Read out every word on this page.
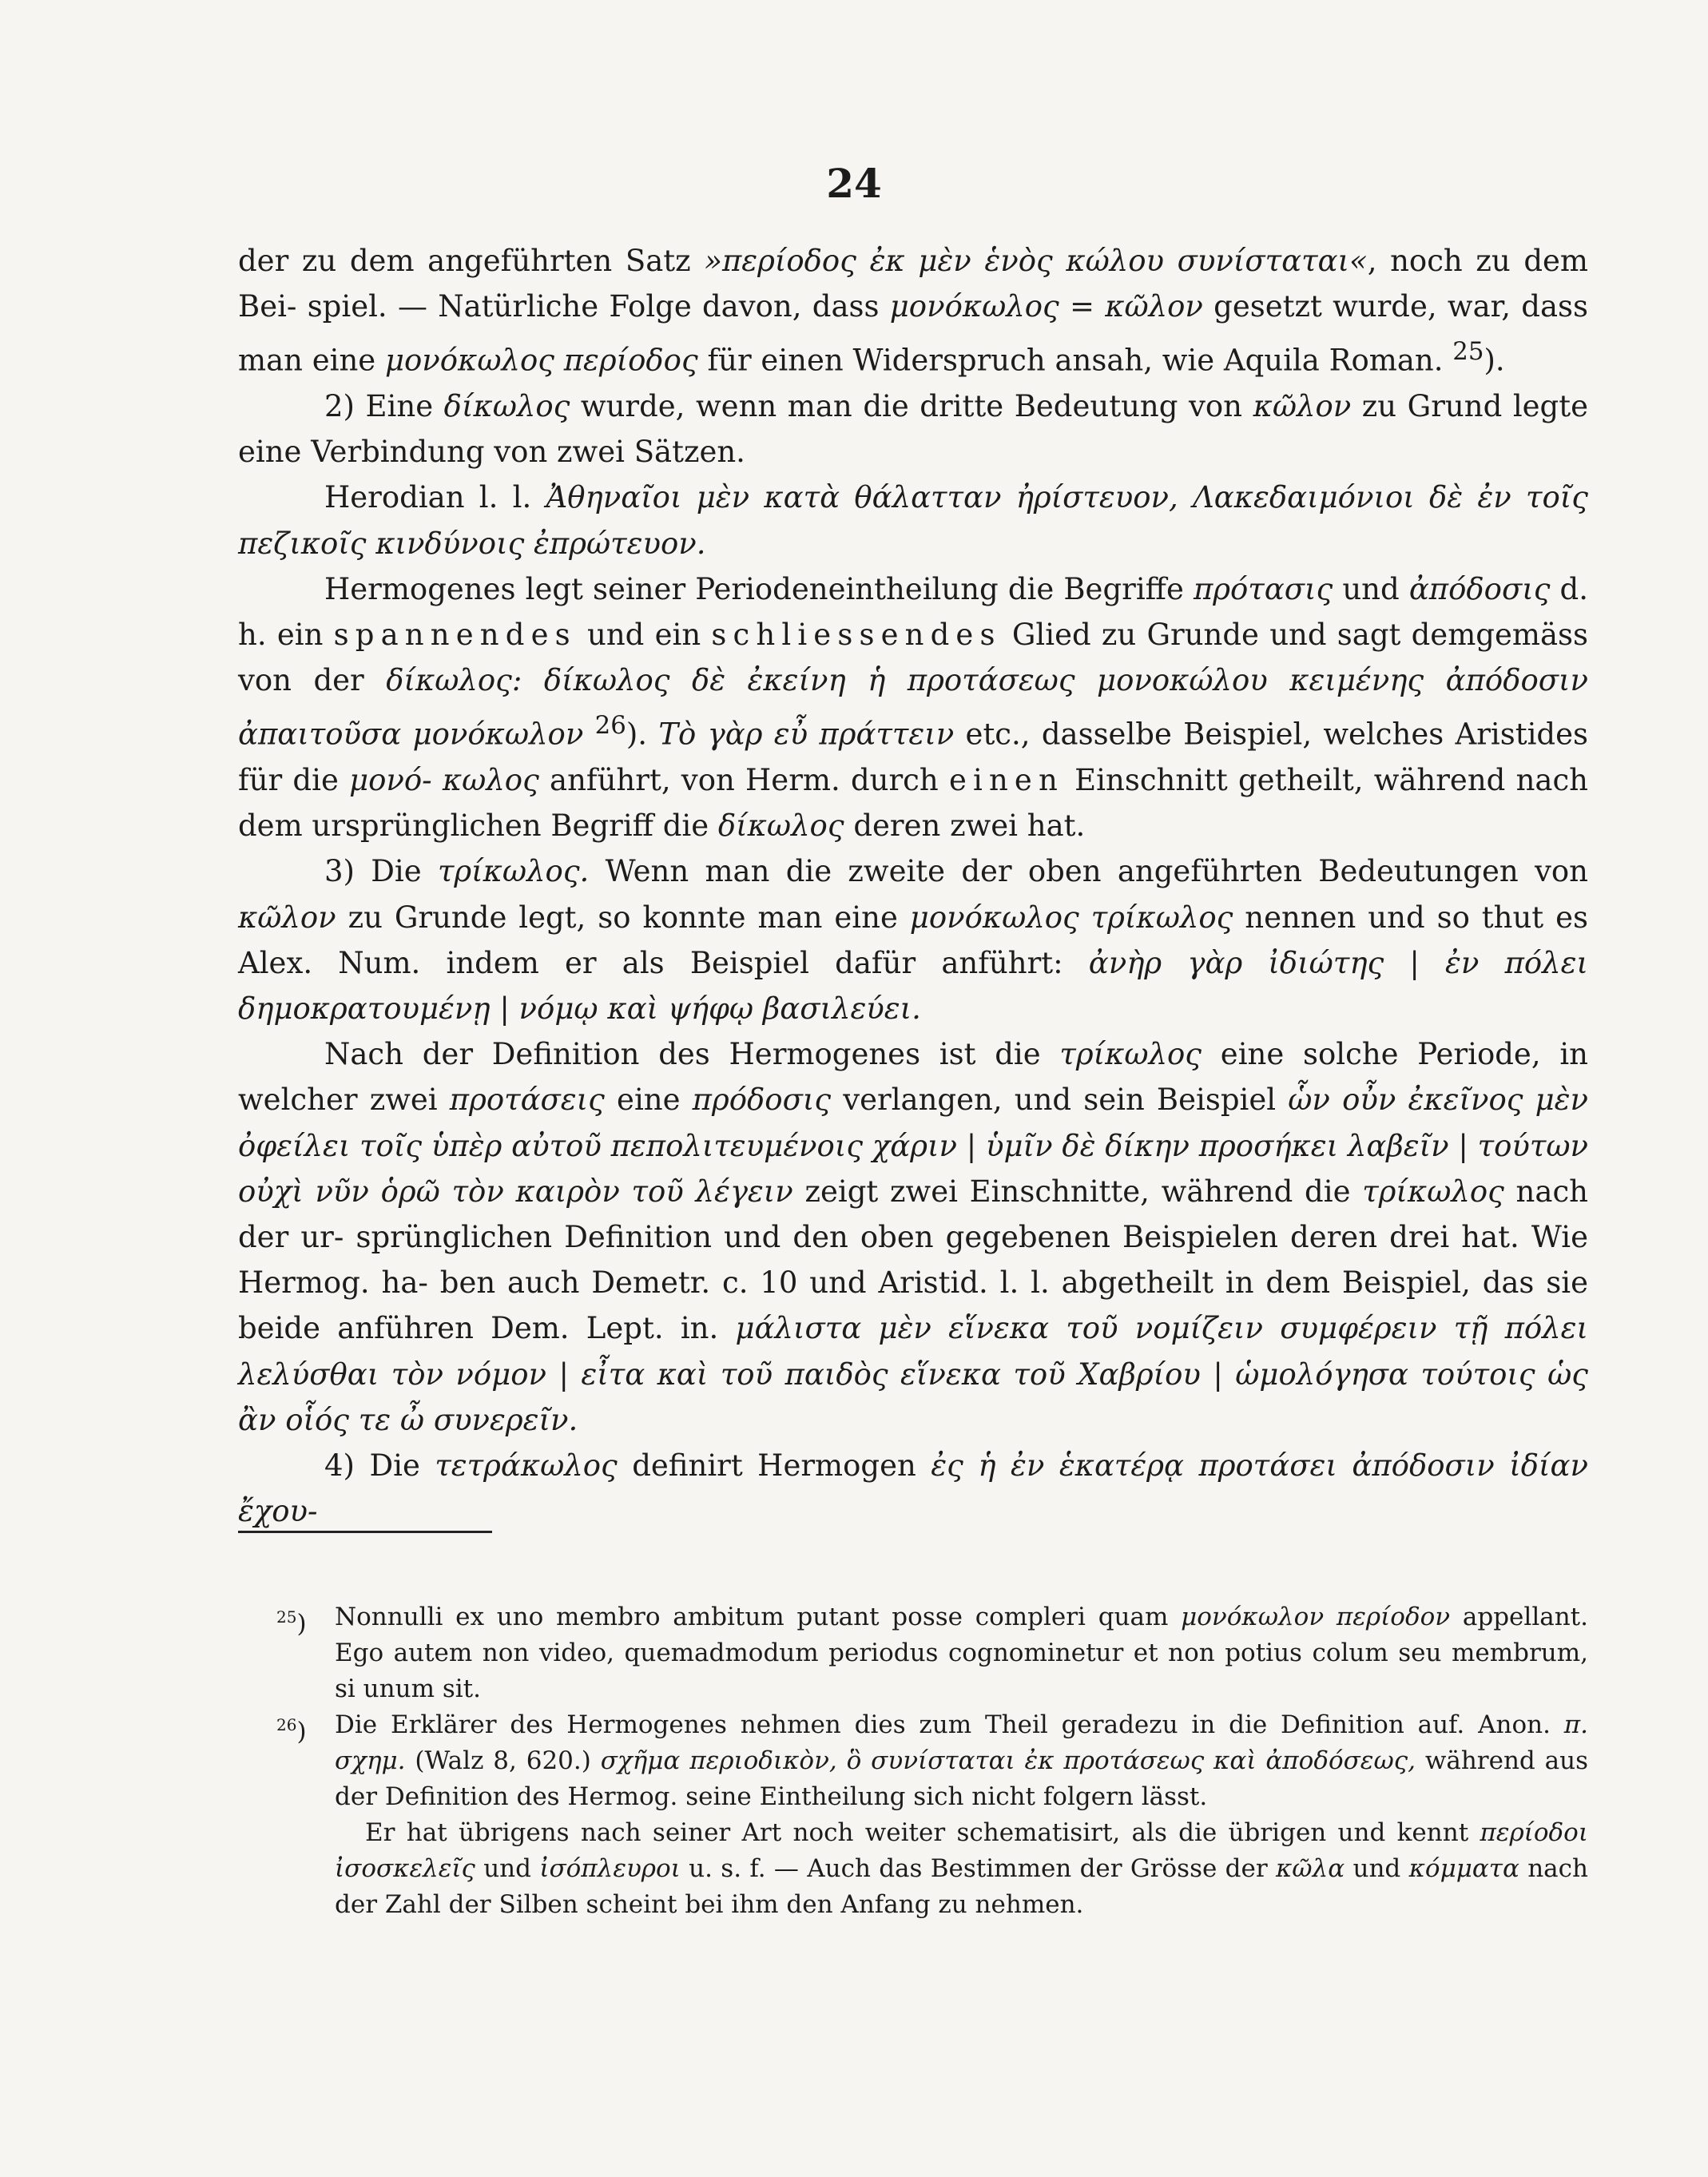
24

der zu dem angeführten Satz »περίοδος ἐκ μὲν ἑνὸς κώλου συνίσταται«, noch zu dem Bei- spiel. — Natürliche Folge davon, dass μονόκωλος = κῶλον gesetzt wurde, war, dass man eine μονόκωλος περίοδος für einen Widerspruch ansah, wie Aquila Roman. $^{25}$).

2) Eine δίκωλος wurde, wenn man die dritte Bedeutung von κῶλον zu Grund legte eine Verbindung von zwei Sätzen.

Herodian l. l. Ἀθηναῖοι μὲν κατὰ θάλατταν ἠρίστευον, Λακεδαιμόνιοι δὲ ἐν τοῖς πεζικοῖς κινδύνοις ἐπρώτευον.

Hermogenes legt seiner Periodeneintheilung die Begriffe πρότασις und ἀπόδοσις d. h. ein spannendes und ein schliessendes Glied zu Grunde und sagt demgemäss von der δίκωλος: δίκωλος δὲ ἐκείνη ἡ προτάσεως μονοκώλου κειμένης ἀπόδοσιν ἀπαιτοῦσα μονόκωλον $^{26}$). Τὸ γὰρ εὖ πράττειν etc., dasselbe Beispiel, welches Aristides für die μονό- κωλος anführt, von Herm. durch einen Einschnitt getheilt, während nach dem ursprünglichen Begriff die δίκωλος deren zwei hat.

3) Die τρίκωλος. Wenn man die zweite der oben angeführten Bedeutungen von κῶλον zu Grunde legt, so konnte man eine μονόκωλος τρίκωλος nennen und so thut es Alex. Num. indem er als Beispiel dafür anführt: ἀνὴρ γὰρ ἰδιώτης | ἐν πόλει δημοκρατουμένῃ | νόμῳ καὶ ψήφῳ βασιλεύει.

Nach der Definition des Hermogenes ist die τρίκωλος eine solche Periode, in welcher zwei προτάσεις eine πρόδοσις verlangen, und sein Beispiel ὧν οὖν ἐκεῖνος μὲν ὀφείλει τοῖς ὑπὲρ αὐτοῦ πεπολιτευμένοις χάριν | ὑμῖν δὲ δίκην προσήκει λαβεῖν | τούτων οὐχὶ νῦν ὁρῶ τὸν καιρὸν τοῦ λέγειν zeigt zwei Einschnitte, während die τρίκωλος nach der ur- sprünglichen Definition und den oben gegebenen Beispielen deren drei hat. Wie Hermog. ha- ben auch Demetr. c. 10 und Aristid. l. l. abgetheilt in dem Beispiel, das sie beide anführen Dem. Lept. in. μάλιστα μὲν εἵνεκα τοῦ νομίζειν συμφέρειν τῇ πόλει λελύσθαι τὸν νόμον | εἶτα καὶ τοῦ παιδὸς εἵνεκα τοῦ Χαβρίου | ὡμολόγησα τούτοις ὡς ἂν οἷός τε ὦ συνερεῖν.

4) Die τετράκωλος definirt Hermogen ἐς ἡ ἐν ἑκατέρᾳ προτάσει ἀπόδοσιν ἰδίαν ἔχου-

$^{25}$) Nonnulli ex uno membro ambitum putant posse compleri quam μονόκωλον περίοδον appellant. Ego autem non video, quemadmodum periodus cognominetur et non potius colum seu membrum, si unum sit.

$^{26}$) Die Erklärer des Hermogenes nehmen dies zum Theil geradezu in die Definition auf. Anon. π. σχημ. (Walz 8, 620.) σχῆμα περιοδικὸν, ὃ συνίσταται ἐκ προτάσεως καὶ ἀποδόσεως, während aus der Definition des Hermog. seine Eintheilung sich nicht folgern lässt.

Er hat übrigens nach seiner Art noch weiter schematisirt, als die übrigen und kennt περίοδοι ἰσοσκελεῖς und ἰσόπλευροι u. s. f. — Auch das Bestimmen der Grösse der κῶλα und κόμματα nach der Zahl der Silben scheint bei ihm den Anfang zu nehmen.
